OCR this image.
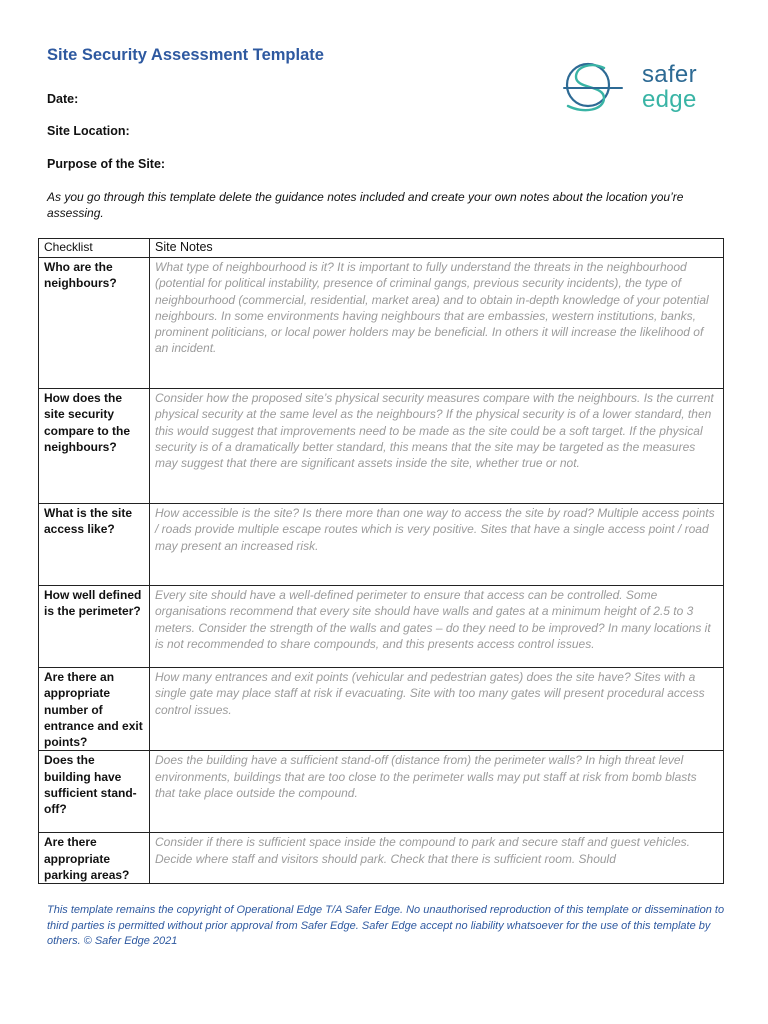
Site Security Assessment Template
safer
edge
Date:
Site Location:
Purpose of the Site:
As you go through this template delete the guidance notes included and create your own notes about the location you’re assessing.
Checklist	Site Notes
Who are the neighbours?	What type of neighbourhood is it? It is important to fully understand the threats in the neighbourhood (potential for political instability, presence of criminal gangs, previous security incidents), the type of neighbourhood (commercial, residential, market area) and to obtain in-depth knowledge of your potential neighbours. In some environments having neighbours that are embassies, western institutions, banks, prominent politicians, or local power holders may be beneficial. In others it will increase the likelihood of an incident.
How does the site security compare to the neighbours?	Consider how the proposed site’s physical security measures compare with the neighbours. Is the current physical security at the same level as the neighbours? If the physical security is of a lower standard, then this would suggest that improvements need to be made as the site could be a soft target. If the physical security is of a dramatically better standard, this means that the site may be targeted as the measures may suggest that there are significant assets inside the site, whether true or not.
What is the site access like?	How accessible is the site? Is there more than one way to access the site by road? Multiple access points / roads provide multiple escape routes which is very positive. Sites that have a single access point / road may present an increased risk.
How well defined is the perimeter?	Every site should have a well-defined perimeter to ensure that access can be controlled. Some organisations recommend that every site should have walls and gates at a minimum height of 2.5 to 3 meters. Consider the strength of the walls and gates – do they need to be improved? In many locations it is not recommended to share compounds, and this presents access control issues.
Are there an appropriate number of entrance and exit points?	How many entrances and exit points (vehicular and pedestrian gates) does the site have? Sites with a single gate may place staff at risk if evacuating. Site with too many gates will present procedural access control issues.
Does the building have sufficient stand-off?	Does the building have a sufficient stand-off (distance from) the perimeter walls? In high threat level environments, buildings that are too close to the perimeter walls may put staff at risk from bomb blasts that take place outside the compound.
Are there appropriate parking areas?	Consider if there is sufficient space inside the compound to park and secure staff and guest vehicles. Decide where staff and visitors should park. Check that there is sufficient room. Should
This template remains the copyright of Operational Edge T/A Safer Edge. No unauthorised reproduction of this template or dissemination to third parties is permitted without prior approval from Safer Edge. Safer Edge accept no liability whatsoever for the use of this template by others. © Safer Edge 2021
